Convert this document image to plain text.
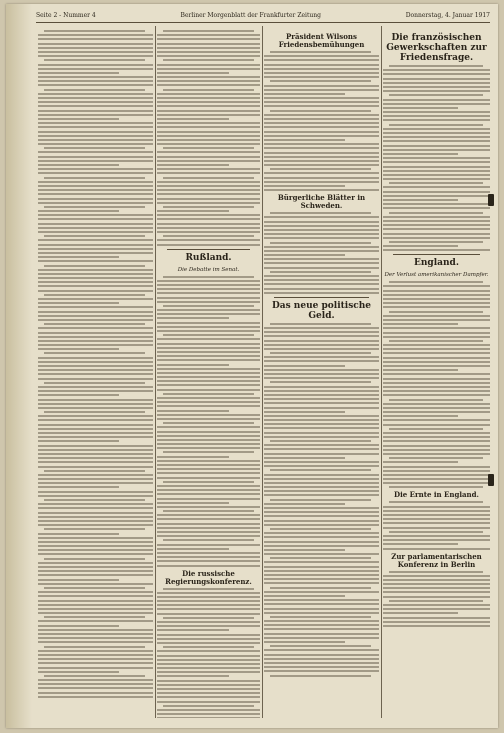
Seite 2 - Nummer 4	Berliner Morgenblatt der Frankfurter Zeitung	Donnerstag, 4. Januar 1917
Rußland.
Die Debatte im Senat.
Die russische Regierungskonferenz.
Präsident Wilsons Friedensbemühungen
Bürgerliche Blätter in Schweden.
Das neue politische Geld.
Die französischen Gewerkschaften zur Friedensfrage.
England.
Der Verlust amerikanischer Dampfer.
Die Ernte in England.
Zur parlamentarischen Konferenz in Berlin
